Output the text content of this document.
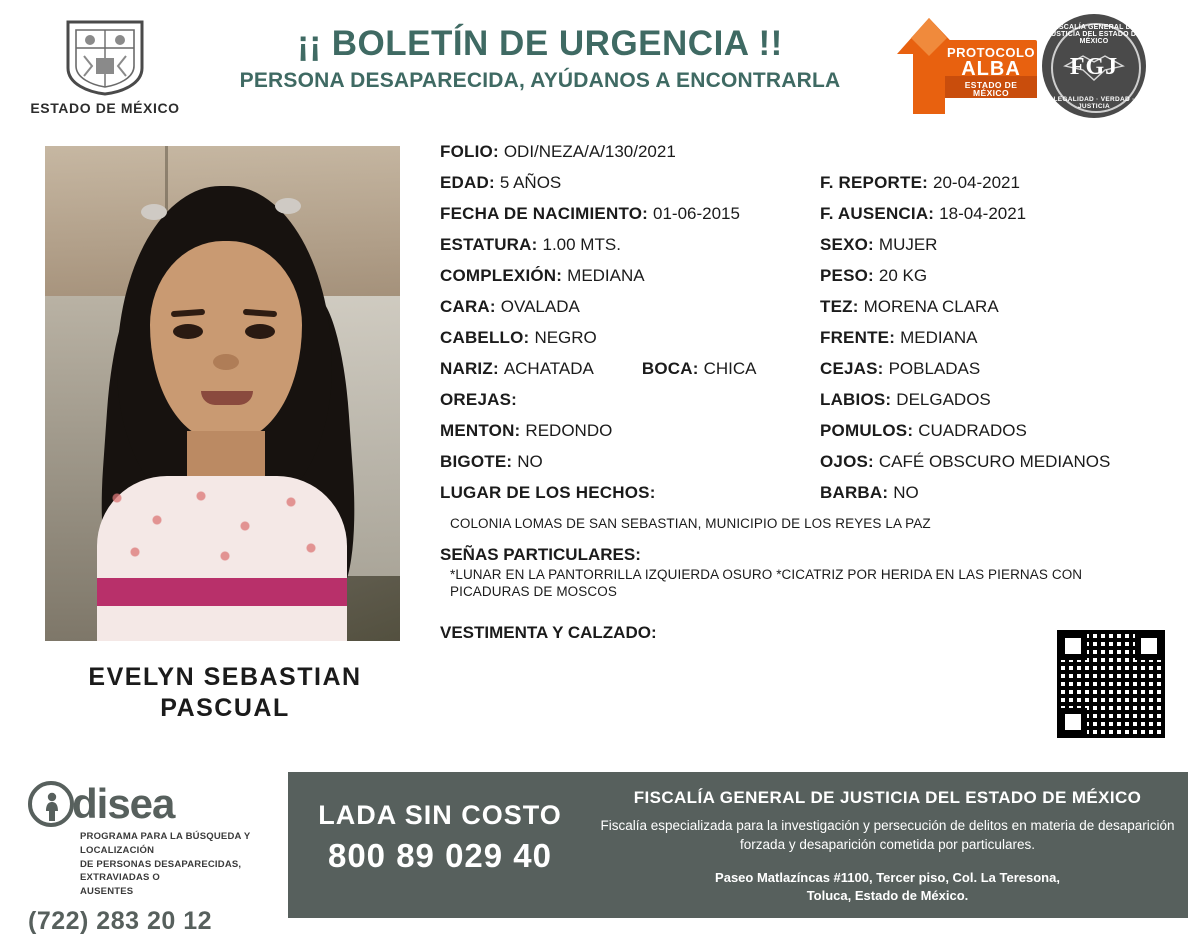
ESTADO DE MÉXICO
¡¡ BOLETÍN DE URGENCIA !!
PERSONA DESAPARECIDA, AYÚDANOS A ENCONTRARLA
PROTOCOLO
ALBA
ESTADO DE MÉXICO
FISCALÍA GENERAL DE JUSTICIA DEL ESTADO DE MÉXICO
FGJ
LEGALIDAD · VERDAD · JUSTICIA
EVELYN SEBASTIAN
PASCUAL
FOLIO: ODI/NEZA/A/130/2021
EDAD: 5 AÑOS	F. REPORTE: 20-04-2021
FECHA DE NACIMIENTO: 01-06-2015	F. AUSENCIA: 18-04-2021
ESTATURA: 1.00 MTS.	SEXO: MUJER
COMPLEXIÓN: MEDIANA	PESO: 20 KG
CARA: OVALADA	TEZ: MORENA CLARA
CABELLO: NEGRO	FRENTE: MEDIANA
NARIZ: ACHATADA	BOCA: CHICA	CEJAS: POBLADAS
OREJAS:	LABIOS: DELGADOS
MENTON: REDONDO	POMULOS: CUADRADOS
BIGOTE: NO	OJOS: CAFÉ OBSCURO MEDIANOS
LUGAR DE LOS HECHOS:	BARBA: NO
COLONIA LOMAS DE SAN SEBASTIAN, MUNICIPIO DE LOS REYES LA PAZ
SEÑAS PARTICULARES:
*LUNAR EN LA PANTORRILLA IZQUIERDA OSURO *CICATRIZ POR HERIDA EN LAS PIERNAS CON PICADURAS DE MOSCOS
VESTIMENTA Y CALZADO:
LADA SIN COSTO
800 89 029 40
FISCALÍA GENERAL DE JUSTICIA DEL ESTADO DE MÉXICO
Fiscalía especializada para la investigación y persecución de delitos en materia de desaparición forzada y desaparición cometida por particulares.
Paseo Matlazíncas #1100, Tercer piso, Col. La Teresona,
Toluca, Estado de México.
disea
PROGRAMA PARA LA BÚSQUEDA Y LOCALIZACIÓN
DE PERSONAS DESAPARECIDAS, EXTRAVIADAS O
AUSENTES
(722) 283 20 12
